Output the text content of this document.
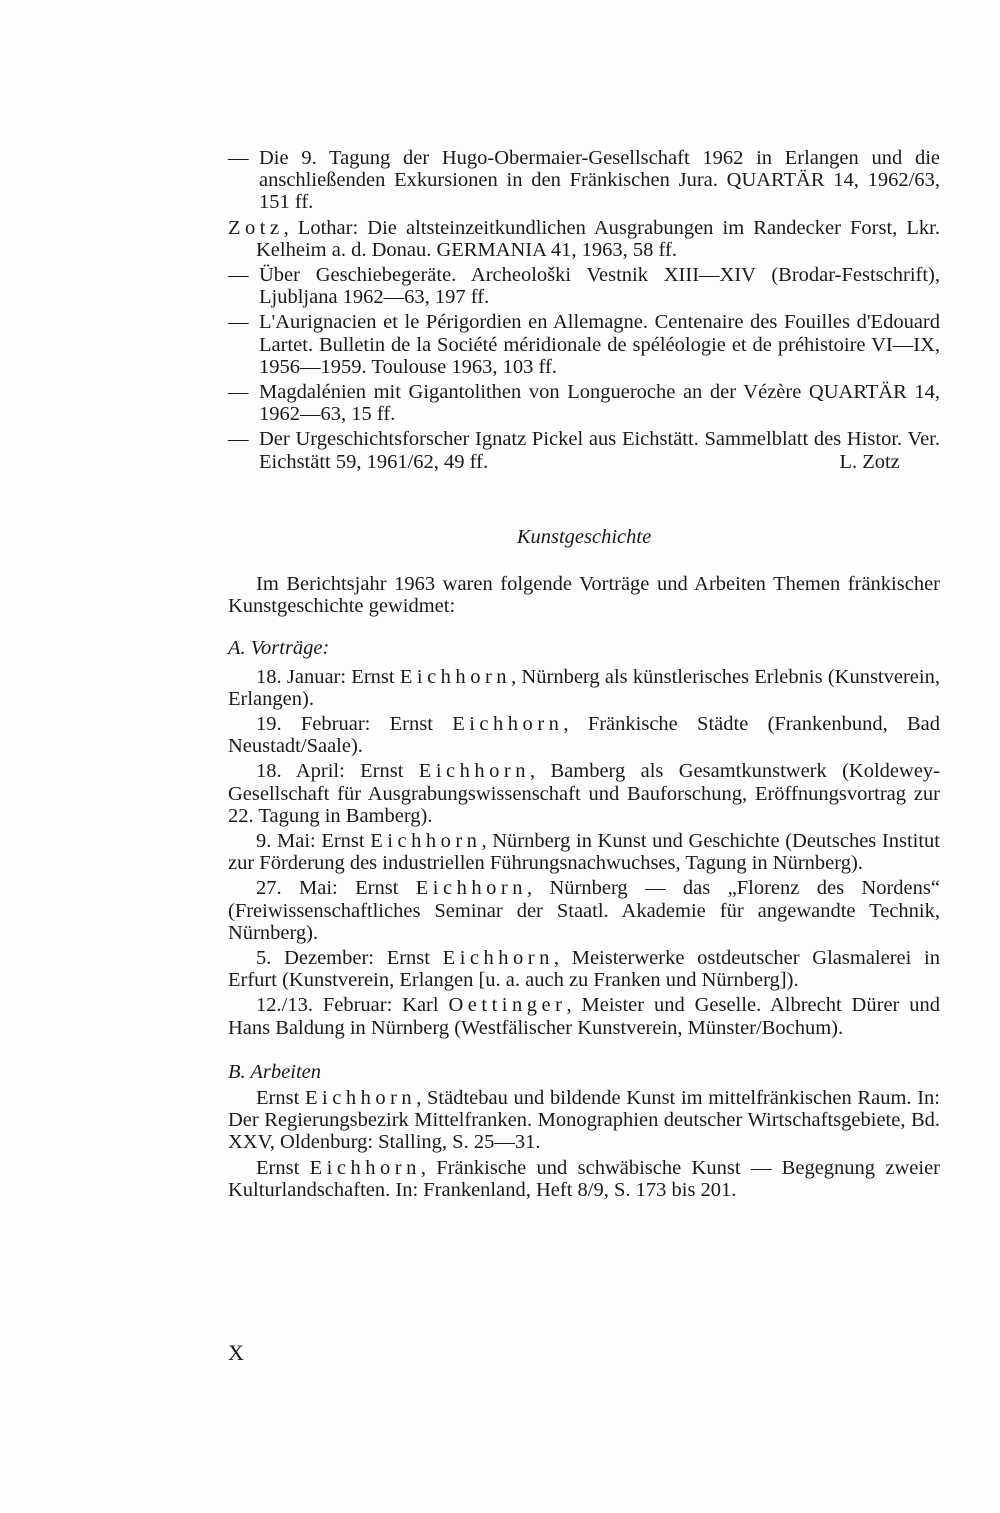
— Die 9. Tagung der Hugo-Obermaier-Gesellschaft 1962 in Erlangen und die anschließenden Exkursionen in den Fränkischen Jura. QUARTÄR 14, 1962/63, 151 ff.

Zotz, Lothar: Die altsteinzeitkundlichen Ausgrabungen im Randecker Forst, Lkr. Kelheim a. d. Donau. GERMANIA 41, 1963, 58 ff.

— Über Geschiebegeräte. Archeološki Vestnik XIII—XIV (Brodar-Festschrift), Ljubljana 1962—63, 197 ff.

— L'Aurignacien et le Périgordien en Allemagne. Centenaire des Fouilles d'Edouard Lartet. Bulletin de la Société méridionale de spéléologie et de préhistoire VI—IX, 1956—1959. Toulouse 1963, 103 ff.

— Magdalénien mit Gigantolithen von Longueroche an der Vézère QUARTÄR 14, 1962—63, 15 ff.

— Der Urgeschichtsforscher Ignatz Pickel aus Eichstätt. Sammelblatt des Histor. Ver. Eichstätt 59, 1961/62, 49 ff.	L. Zotz

Kunstgeschichte

Im Berichtsjahr 1963 waren folgende Vorträge und Arbeiten Themen fränkischer Kunstgeschichte gewidmet:

A. Vorträge:

18. Januar: Ernst Eichhorn, Nürnberg als künstlerisches Erlebnis (Kunstverein, Erlangen).

19. Februar: Ernst Eichhorn, Fränkische Städte (Frankenbund, Bad Neustadt/Saale).

18. April: Ernst Eichhorn, Bamberg als Gesamtkunstwerk (Koldewey-Gesellschaft für Ausgrabungswissenschaft und Bauforschung, Eröffnungsvortrag zur 22. Tagung in Bamberg).

9. Mai: Ernst Eichhorn, Nürnberg in Kunst und Geschichte (Deutsches Institut zur Förderung des industriellen Führungsnachwuchses, Tagung in Nürnberg).

27. Mai: Ernst Eichhorn, Nürnberg — das „Florenz des Nordens“ (Freiwissenschaftliches Seminar der Staatl. Akademie für angewandte Technik, Nürnberg).

5. Dezember: Ernst Eichhorn, Meisterwerke ostdeutscher Glasmalerei in Erfurt (Kunstverein, Erlangen [u. a. auch zu Franken und Nürnberg]).

12./13. Februar: Karl Oettinger, Meister und Geselle. Albrecht Dürer und Hans Baldung in Nürnberg (Westfälischer Kunstverein, Münster/Bochum).

B. Arbeiten

Ernst Eichhorn, Städtebau und bildende Kunst im mittelfränkischen Raum. In: Der Regierungsbezirk Mittelfranken. Monographien deutscher Wirtschaftsgebiete, Bd. XXV, Oldenburg: Stalling, S. 25—31.

Ernst Eichhorn, Fränkische und schwäbische Kunst — Begegnung zweier Kulturlandschaften. In: Frankenland, Heft 8/9, S. 173 bis 201.

X
